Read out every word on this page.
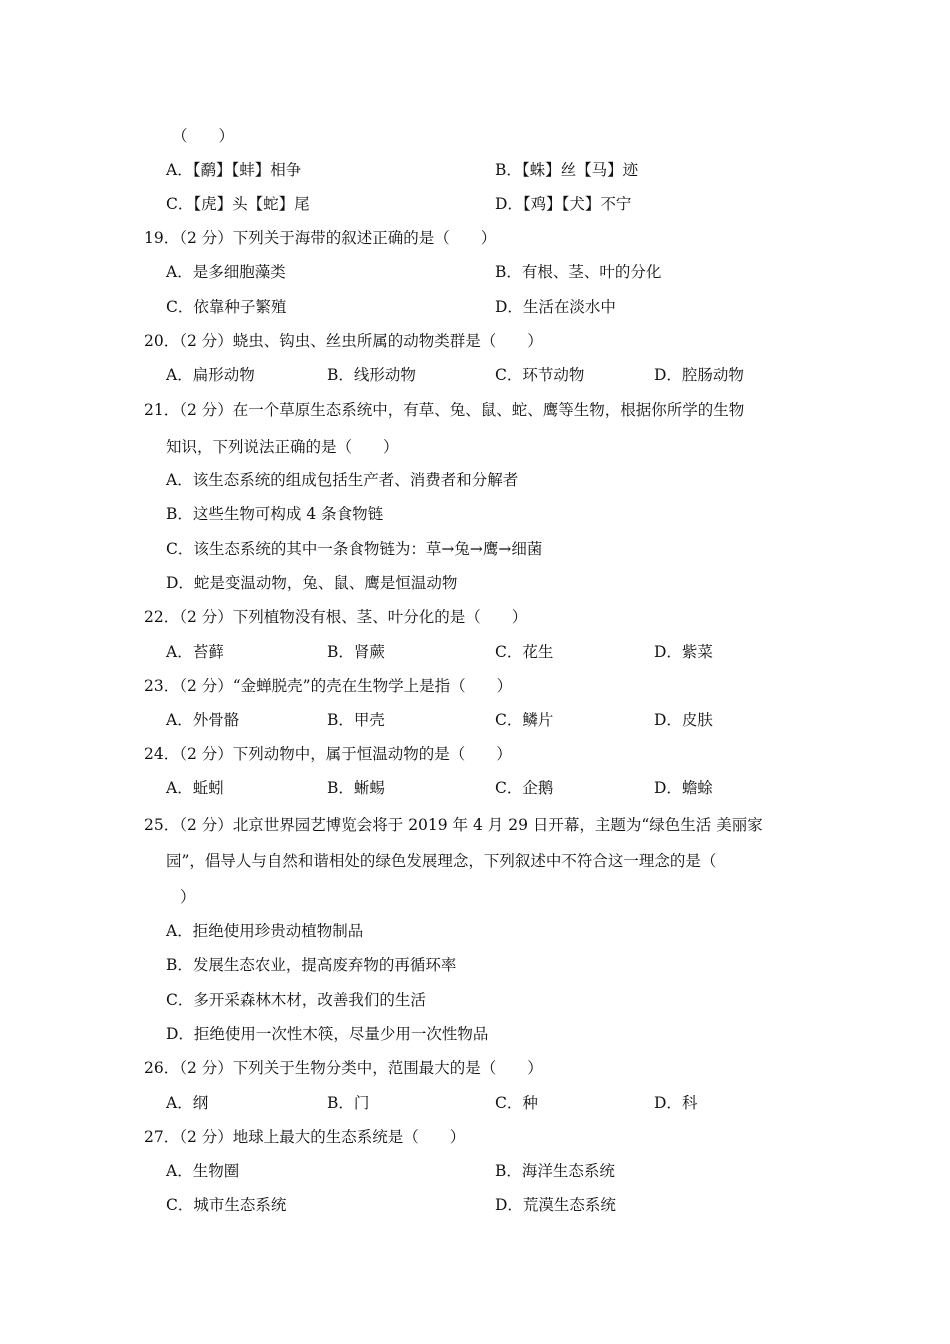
（　　）
A．【鹬】【蚌】相争	B．【蛛】丝【马】迹
C．【虎】头【蛇】尾	D．【鸡】【犬】不宁
19．（2 分）下列关于海带的叙述正确的是（　　）
A．是多细胞藻类	B．有根、茎、叶的分化
C．依靠种子繁殖	D．生活在淡水中
20．（2 分）蛲虫、钩虫、丝虫所属的动物类群是（　　）
A．扁形动物	B．线形动物	C．环节动物	D．腔肠动物
21．（2 分）在一个草原生态系统中，有草、兔、鼠、蛇、鹰等生物，根据你所学的生物
知识，下列说法正确的是（　　）
A．该生态系统的组成包括生产者、消费者和分解者
B．这些生物可构成 4 条食物链
C．该生态系统的其中一条食物链为：草→兔→鹰→细菌
D．蛇是变温动物，兔、鼠、鹰是恒温动物
22．（2 分）下列植物没有根、茎、叶分化的是（　　）
A．苔藓	B．肾蕨	C．花生	D．紫菜
23．（2 分）“金蝉脱壳”的壳在生物学上是指（　　）
A．外骨骼	B．甲壳	C．鳞片	D．皮肤
24．（2 分）下列动物中，属于恒温动物的是（　　）
A．蚯蚓	B．蜥蜴	C．企鹅	D．蟾蜍
25．（2 分）北京世界园艺博览会将于 2019 年 4 月 29 日开幕，主题为“绿色生活 美丽家
园”，倡导人与自然和谐相处的绿色发展理念，下列叙述中不符合这一理念的是（
）
A．拒绝使用珍贵动植物制品
B．发展生态农业，提高废弃物的再循环率
C．多开采森林木材，改善我们的生活
D．拒绝使用一次性木筷，尽量少用一次性物品
26．（2 分）下列关于生物分类中，范围最大的是（　　）
A．纲	B．门	C．种	D．科
27．（2 分）地球上最大的生态系统是（　　）
A．生物圈	B．海洋生态系统
C．城市生态系统	D．荒漠生态系统
